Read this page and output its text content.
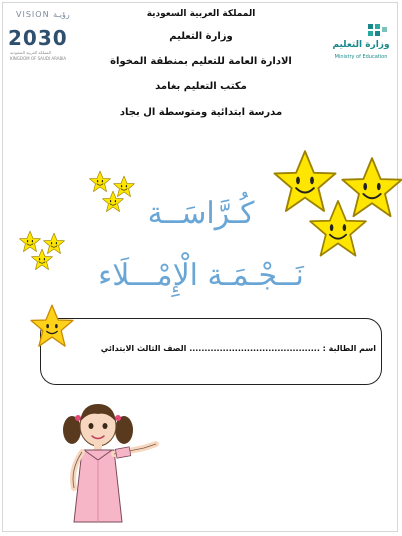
المملكة العربية السعودية
وزارة التعليم
الادارة العامة للتعليم بمنطقة المخواة
مكتب التعليم بغامد
مدرسة ابتدائية ومتوسطة ال بجاد
VISION رؤيـة
2030
المملكة العربية السعودية
KINGDOM OF SAUDI ARABIA
وزارة التعليم
Ministry of Education
كُـرَّاسَــة
نَــجْـمَـة الْإِمْـــلَاء
اسم الطالبة : ........................................... الصف الثالث الابتدائي
